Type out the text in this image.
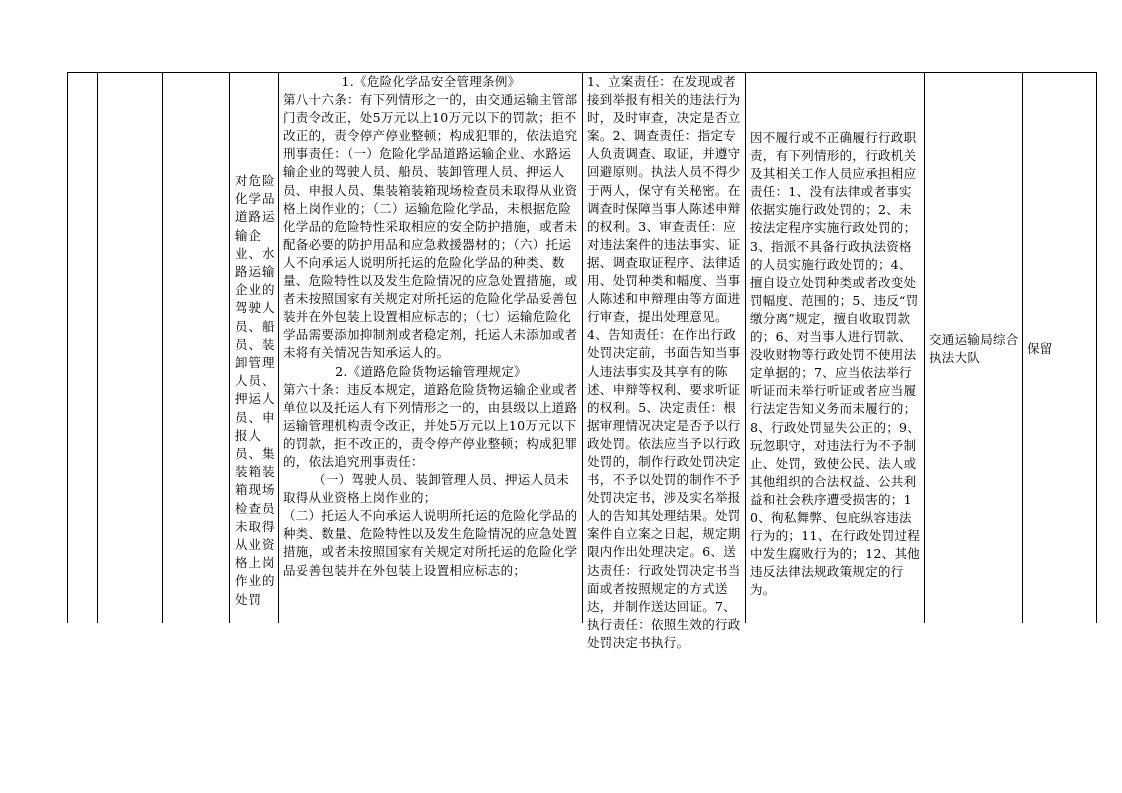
对危险化学品道路运输企业、水路运输企业的驾驶人员、船员、装卸管理人员、押运人员、申报人员、集装箱装箱现场检查员未取得从业资格上岗作业的处罚

1.《危险化学品安全管理条例》

第八十六条：有下列情形之一的，由交通运输主管部门责令改正，处5万元以上10万元以下的罚款；拒不改正的，责令停产停业整顿；构成犯罪的，依法追究刑事责任：（一）危险化学品道路运输企业、水路运输企业的驾驶人员、船员、装卸管理人员、押运人员、申报人员、集装箱装箱现场检查员未取得从业资格上岗作业的；（二）运输危险化学品，未根据危险化学品的危险特性采取相应的安全防护措施，或者未配备必要的防护用品和应急救援器材的；（六）托运人不向承运人说明所托运的危险化学品的种类、数量、危险特性以及发生危险情况的应急处置措施，或者未按照国家有关规定对所托运的危险化学品妥善包装并在外包装上设置相应标志的；（七）运输危险化学品需要添加抑制剂或者稳定剂，托运人未添加或者未将有关情况告知承运人的。

2.《道路危险货物运输管理规定》

第六十条：违反本规定，道路危险货物运输企业或者单位以及托运人有下列情形之一的，由县级以上道路运输管理机构责令改正，并处5万元以上10万元以下的罚款，拒不改正的，责令停产停业整顿；构成犯罪的，依法追究刑事责任：

（一）驾驶人员、装卸管理人员、押运人员未取得从业资格上岗作业的；

（二）托运人不向承运人说明所托运的危险化学品的种类、数量、危险特性以及发生危险情况的应急处置措施，或者未按照国家有关规定对所托运的危险化学品妥善包装并在外包装上设置相应标志的；

1、立案责任：在发现或者接到举报有相关的违法行为时，及时审查，决定是否立案。2、调查责任：指定专人负责调查、取证，并遵守回避原则。执法人员不得少于两人，保守有关秘密。在调查时保障当事人陈述申辩的权利。3、审查责任：应对违法案件的违法事实、证据、调查取证程序、法律适用、处罚种类和幅度、当事人陈述和申辩理由等方面进行审查，提出处理意见。4、告知责任：在作出行政处罚决定前，书面告知当事人违法事实及其享有的陈述、申辩等权利、要求听证的权利。5、决定责任：根据审理情况决定是否予以行政处罚。依法应当予以行政处罚的，制作行政处罚决定书，不予以处罚的制作不予处罚决定书，涉及实名举报人的告知其处理结果。处罚案件自立案之日起，规定期限内作出处理决定。6、送达责任：行政处罚决定书当面或者按照规定的方式送达，并制作送达回证。7、执行责任：依照生效的行政处罚决定书执行。
因不履行或不正确履行行政职责，有下列情形的，行政机关及其相关工作人员应承担相应责任：1、没有法律或者事实依据实施行政处罚的；2、未按法定程序实施行政处罚的；3、指派不具备行政执法资格的人员实施行政处罚的；4、擅自设立处罚种类或者改变处罚幅度、范围的；5、违反“罚缴分离”规定，擅自收取罚款的；6、对当事人进行罚款、没收财物等行政处罚不使用法定单据的；7、应当依法举行听证而未举行听证或者应当履行法定告知义务而未履行的；8、行政处罚显失公正的；9、玩忽职守，对违法行为不予制止、处罚，致使公民、法人或其他组织的合法权益、公共利益和社会秩序遭受损害的；10、徇私舞弊、包庇纵容违法行为的；11、在行政处罚过程中发生腐败行为的；12、其他违反法律法规政策规定的行为。
交通运输局综合执法大队
保留
